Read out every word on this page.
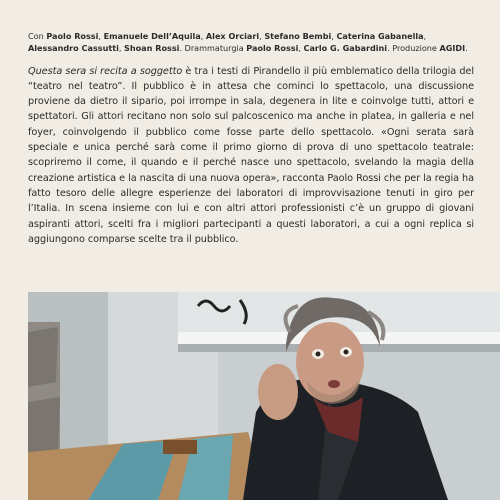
Con Paolo Rossi, Emanuele Dell’Aquila, Alex Orciari, Stefano Bembi, Caterina Gabanella, Alessandro Cassutti, Shoan Rossi. Drammaturgia Paolo Rossi, Carlo G. Gabardini. Produzione AGIDI.

Questa sera si recita a soggetto è tra i testi di Pirandello il più emblematico della trilogia del “teatro nel teatro”. Il pubblico è in attesa che cominci lo spettacolo, una discussione proviene da dietro il sipario, poi irrompe in sala, degenera in lite e coinvolge tutti, attori e spettatori. Gli attori recitano non solo sul palcoscenico ma anche in platea, in galleria e nel foyer, coinvolgendo il pubblico come fosse parte dello spettacolo. «Ogni serata sarà speciale e unica perché sarà come il primo giorno di prova di uno spettacolo teatrale: scopriremo il come, il quando e il perché nasce uno spettacolo, svelando la magia della creazione artistica e la nascita di una nuova opera», racconta Paolo Rossi che per la regia ha fatto tesoro delle allegre esperienze dei laboratori di improvvisazione tenuti in giro per l’Italia. In scena insieme con lui e con altri attori professionisti c’è un gruppo di giovani aspiranti attori, scelti fra i migliori partecipanti a questi laboratori, a cui a ogni replica si aggiungono comparse scelte tra il pubblico.
